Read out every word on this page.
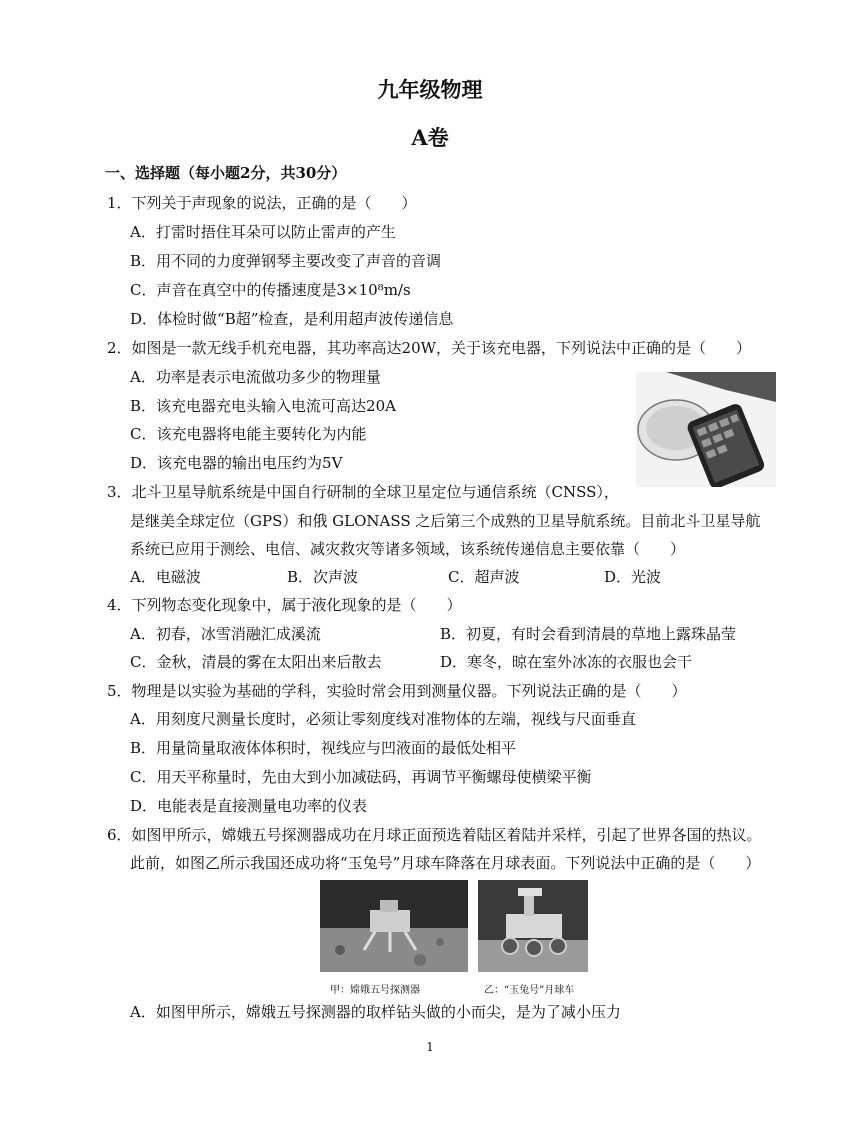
九年级物理
A卷
一、选择题（每小题2分，共30分）
1．下列关于声现象的说法，正确的是（　　）
A．打雷时捂住耳朵可以防止雷声的产生
B．用不同的力度弹钢琴主要改变了声音的音调
C．声音在真空中的传播速度是3×10⁸m/s
D．体检时做“B超”检查，是利用超声波传递信息
2．如图是一款无线手机充电器，其功率高达20W，关于该充电器，下列说法中正确的是（　　）
A．功率是表示电流做功多少的物理量
B．该充电器充电头输入电流可高达20A
C．该充电器将电能主要转化为内能
D．该充电器的输出电压约为5V
3．北斗卫星导航系统是中国自行研制的全球卫星定位与通信系统（CNSS），
是继美全球定位（GPS）和俄 GLONASS 之后第三个成熟的卫星导航系统。目前北斗卫星导航
系统已应用于测绘、电信、减灾救灾等诸多领域，该系统传递信息主要依靠（　　）
A．电磁波	B．次声波	C．超声波	D．光波
4．下列物态变化现象中，属于液化现象的是（　　）
A．初春，冰雪消融汇成溪流	B．初夏，有时会看到清晨的草地上露珠晶莹
C．金秋，清晨的雾在太阳出来后散去	D．寒冬，晾在室外冰冻的衣服也会干
5．物理是以实验为基础的学科，实验时常会用到测量仪器。下列说法正确的是（　　）
A．用刻度尺测量长度时，必须让零刻度线对准物体的左端，视线与尺面垂直
B．用量筒量取液体体积时，视线应与凹液面的最低处相平
C．用天平称量时，先由大到小加减砝码，再调节平衡螺母使横梁平衡
D．电能表是直接测量电功率的仪表
6．如图甲所示，嫦娥五号探测器成功在月球正面预选着陆区着陆并采样，引起了世界各国的热议。
此前，如图乙所示我国还成功将“玉兔号”月球车降落在月球表面。下列说法中正确的是（　　）
甲：嫦娥五号探测器	乙：“玉兔号”月球车
A．如图甲所示，嫦娥五号探测器的取样钻头做的小而尖，是为了减小压力
1
